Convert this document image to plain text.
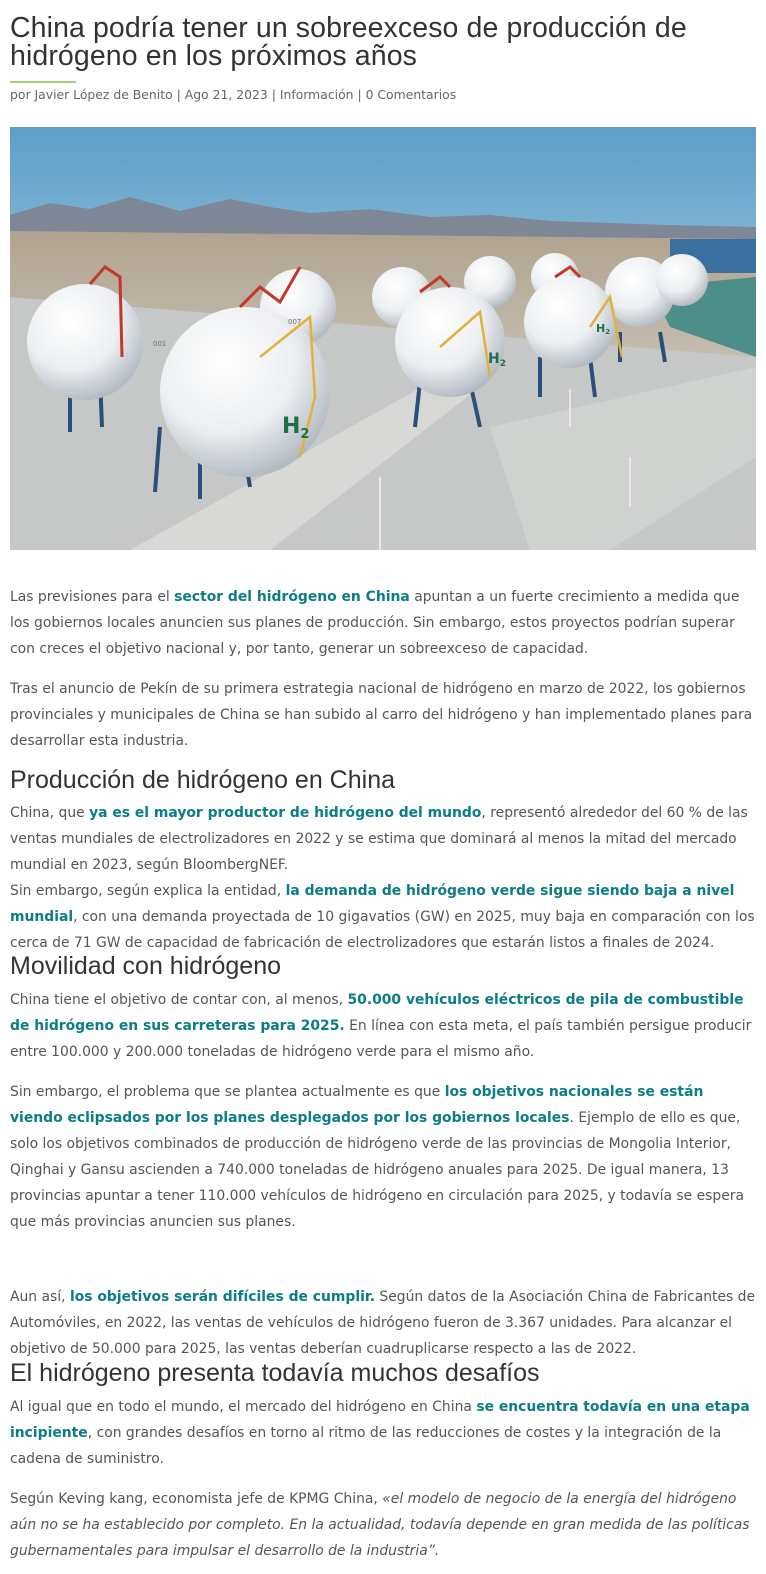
China podría tener un sobreexceso de producción de hidrógeno en los próximos años
por Javier López de Benito | Ago 21, 2023 | Información | 0 Comentarios
$H_2$
$H_2$
H2
001
007

Las previsiones para el sector del hidrógeno en China apuntan a un fuerte crecimiento a medida que los gobiernos locales anuncien sus planes de producción. Sin embargo, estos proyectos podrían superar con creces el objetivo nacional y, por tanto, generar un sobreexceso de capacidad.

Tras el anuncio de Pekín de su primera estrategia nacional de hidrógeno en marzo de 2022, los gobiernos provinciales y municipales de China se han subido al carro del hidrógeno y han implementado planes para desarrollar esta industria.

Producción de hidrógeno en China

China, que ya es el mayor productor de hidrógeno del mundo, representó alrededor del 60 % de las ventas mundiales de electrolizadores en 2022 y se estima que dominará al menos la mitad del mercado mundial en 2023, según BloombergNEF.
Sin embargo, según explica la entidad, la demanda de hidrógeno verde sigue siendo baja a nivel mundial, con una demanda proyectada de 10 gigavatios (GW) en 2025, muy baja en comparación con los cerca de 71 GW de capacidad de fabricación de electrolizadores que estarán listos a finales de 2024.

Movilidad con hidrógeno

China tiene el objetivo de contar con, al menos, 50.000 vehículos eléctricos de pila de combustible de hidrógeno en sus carreteras para 2025. En línea con esta meta, el país también persigue producir entre 100.000 y 200.000 toneladas de hidrógeno verde para el mismo año.

Sin embargo, el problema que se plantea actualmente es que los objetivos nacionales se están viendo eclipsados por los planes desplegados por los gobiernos locales. Ejemplo de ello es que, solo los objetivos combinados de producción de hidrógeno verde de las provincias de Mongolia Interior, Qinghai y Gansu ascienden a 740.000 toneladas de hidrógeno anuales para 2025. De igual manera, 13 provincias apuntar a tener 110.000 vehículos de hidrógeno en circulación para 2025, y todavía se espera que más provincias anuncien sus planes.

Aun así, los objetivos serán difíciles de cumplir. Según datos de la Asociación China de Fabricantes de Automóviles, en 2022, las ventas de vehículos de hidrógeno fueron de 3.367 unidades. Para alcanzar el objetivo de 50.000 para 2025, las ventas deberían cuadruplicarse respecto a las de 2022.

El hidrógeno presenta todavía muchos desafíos

Al igual que en todo el mundo, el mercado del hidrógeno en China se encuentra todavía en una etapa incipiente, con grandes desafíos en torno al ritmo de las reducciones de costes y la integración de la cadena de suministro.

Según Keving kang, economista jefe de KPMG China, «el modelo de negocio de la energía del hidrógeno aún no se ha establecido por completo. En la actualidad, todavía depende en gran medida de las políticas gubernamentales para impulsar el desarrollo de la industria”.
